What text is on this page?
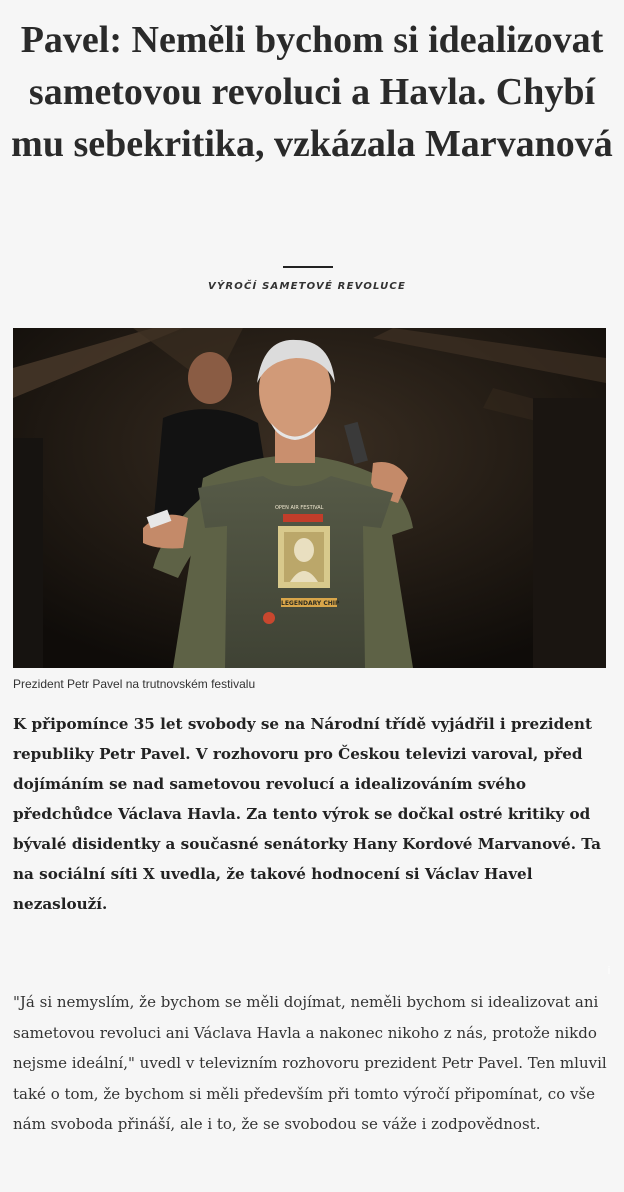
Pavel: Neměli bychom si idealizovat sametovou revoluci a Havla. Chybí mu sebekritika, vzkázala Marvanová
VÝROČÍ SAMETOVÉ REVOLUCE
OPEN AIR FESTIVAL
LEGENDARY CHIP
i
Prezident Petr Pavel na trutnovském festivalu

K připomínce 35 let svobody se na Národní třídě vyjádřil i prezident republiky Petr Pavel. V rozhovoru pro Českou televizi varoval, před dojímáním se nad sametovou revolucí a idealizováním svého předchůdce Václava Havla. Za tento výrok se dočkal ostré kritiky od bývalé disidentky a současné senátorky Hany Kordové Marvanové. Ta na sociální síti X uvedla, že takové hodnocení si Václav Havel nezaslouží.

"Já si nemyslím, že bychom se měli dojímat, neměli bychom si idealizovat ani sametovou revoluci ani Václava Havla a nakonec nikoho z nás, protože nikdo nejsme ideální," uvedl v televizním rozhovoru prezident Petr Pavel. Ten mluvil také o tom, že bychom si měli především při tomto výročí připomínat, co vše nám svoboda přináší, ale i to, že se svobodou se váže i zodpovědnost.
